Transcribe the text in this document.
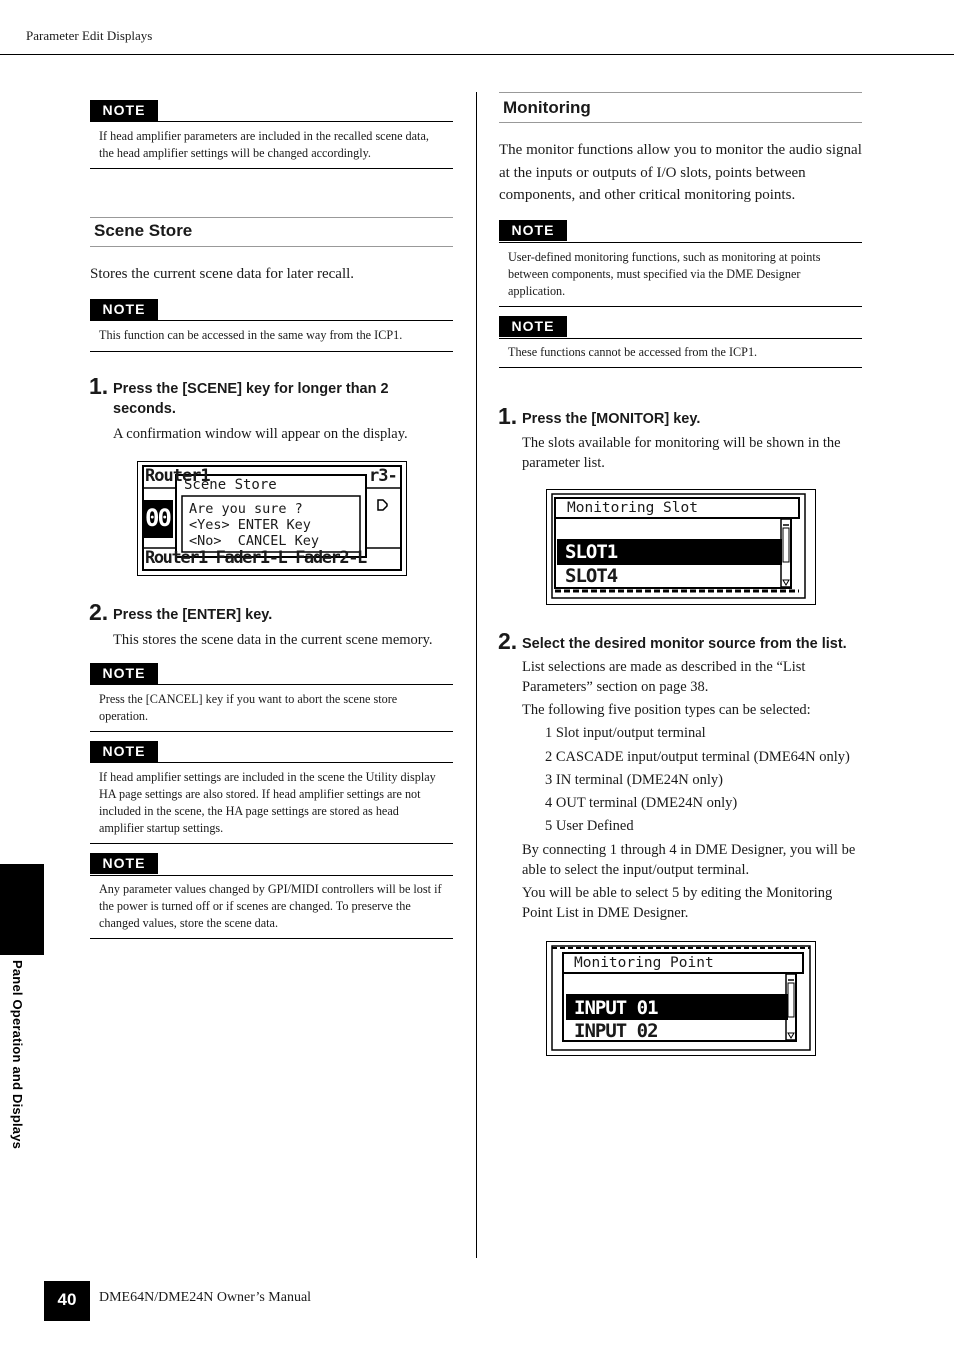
Parameter Edit Displays
Panel Operation and Displays
NOTE
If head amplifier parameters are included in the recalled scene data, the head amplifier settings will be changed accordingly.
Scene Store
Stores the current scene data for later recall.
NOTE
This function can be accessed in the same way from the ICP1.
1. Press the [SCENE] key for longer than 2 seconds.
A confirmation window will appear on the display.
Router1	r3-
00
Router1 Fader1-L Fader2-L
Scene Store
Are you sure ?
<Yes> ENTER Key
<No>  CANCEL Key
2. Press the [ENTER] key.
This stores the scene data in the current scene memory.
NOTE
Press the [CANCEL] key if you want to abort the scene store operation.
NOTE
If head amplifier settings are included in the scene the Utility display HA page settings are also stored. If head amplifier settings are not included in the scene, the HA page settings are stored as head amplifier startup settings.
NOTE
Any parameter values changed by GPI/MIDI controllers will be lost if the power is turned off or if scenes are changed. To preserve the changed values, store the scene data.
Monitoring
The monitor functions allow you to monitor the audio signal at the inputs or outputs of I/O slots, points between components, and other critical monitoring points.
NOTE
User-defined monitoring functions, such as monitoring at points between components, must specified via the DME Designer application.
NOTE
These functions cannot be accessed from the ICP1.
1. Press the [MONITOR] key.
The slots available for monitoring will be shown in the parameter list.
Monitoring Slot
SLOT1
SLOT4
2. Select the desired monitor source from the list.
List selections are made as described in the “List Parameters” section on page 38.
The following five position types can be selected:
1 Slot input/output terminal
2 CASCADE input/output terminal (DME64N only)
3 IN terminal (DME24N only)
4 OUT terminal (DME24N only)
5 User Defined
By connecting 1 through 4 in DME Designer, you will be able to select the input/output terminal.
You will be able to select 5 by editing the Monitoring Point List in DME Designer.
Monitoring Point
INPUT 01
INPUT 02
40	DME64N/DME24N Owner’s Manual
